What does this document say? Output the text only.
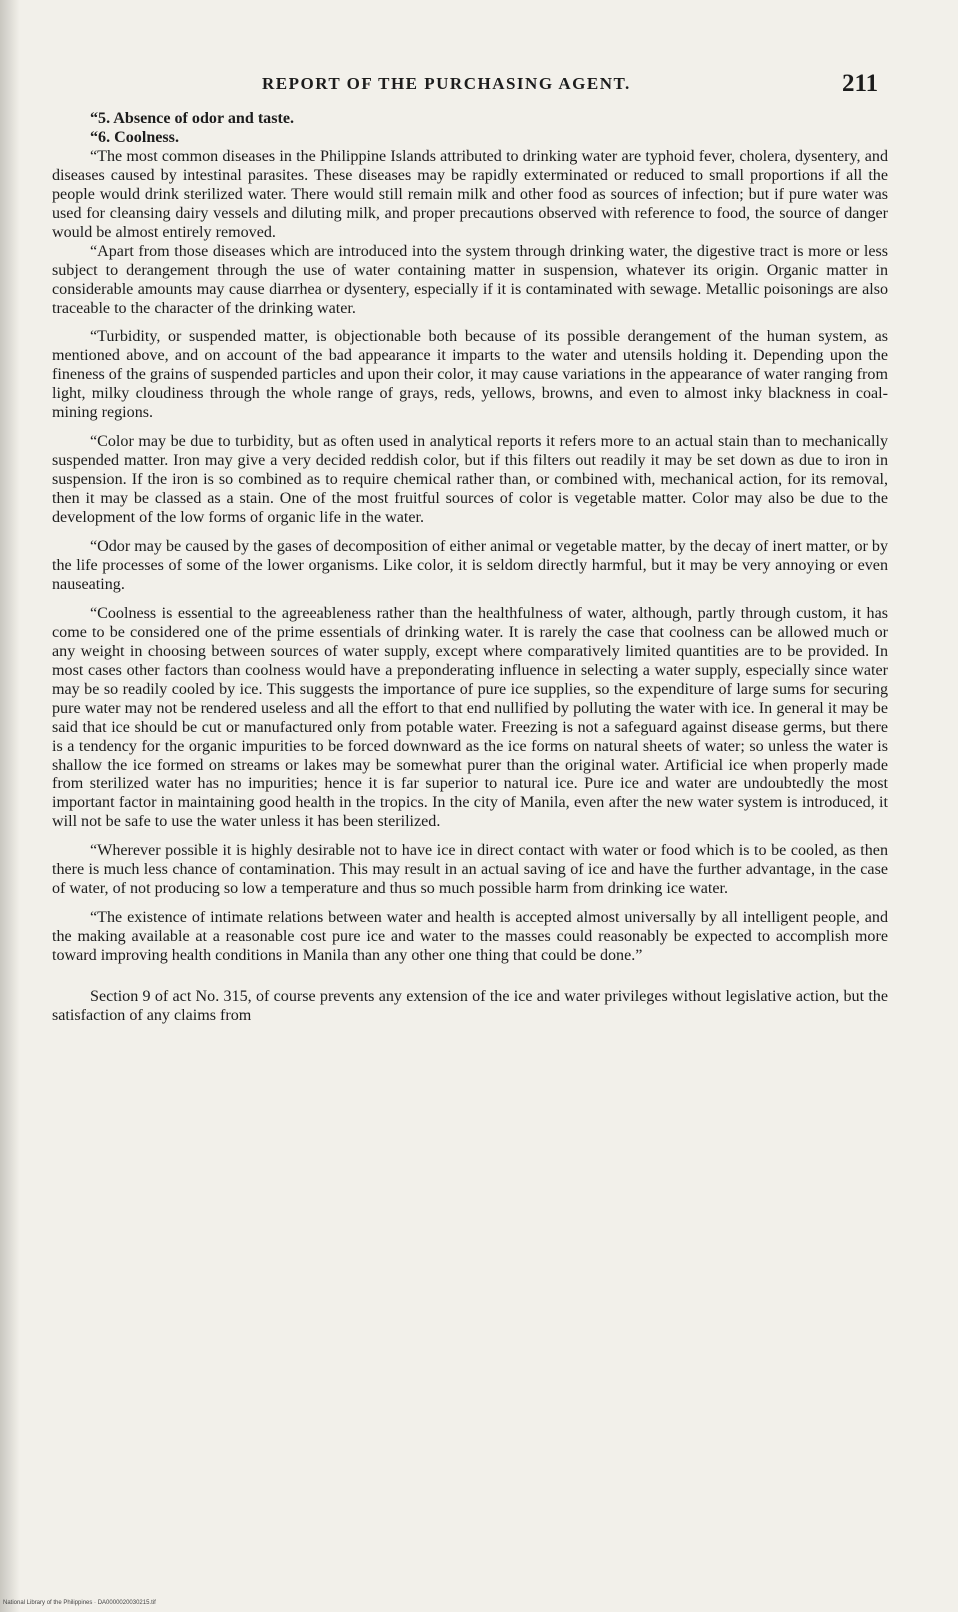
REPORT OF THE PURCHASING AGENT.	211

“5. Absence of odor and taste.

“6. Coolness.

“The most common diseases in the Philippine Islands attributed to drinking water are typhoid fever, cholera, dysentery, and diseases caused by intestinal parasites. These diseases may be rapidly exterminated or reduced to small proportions if all the people would drink sterilized water. There would still remain milk and other food as sources of infection; but if pure water was used for cleansing dairy vessels and diluting milk, and proper precautions observed with reference to food, the source of danger would be almost entirely removed.

“Apart from those diseases which are introduced into the system through drinking water, the digestive tract is more or less subject to derangement through the use of water containing matter in suspension, whatever its origin. Organic matter in considerable amounts may cause diarrhea or dysentery, especially if it is contaminated with sewage. Metallic poisonings are also traceable to the character of the drinking water.

“Turbidity, or suspended matter, is objectionable both because of its possible derangement of the human system, as mentioned above, and on account of the bad appearance it imparts to the water and utensils holding it. Depending upon the fineness of the grains of suspended particles and upon their color, it may cause variations in the appearance of water ranging from light, milky cloudiness through the whole range of grays, reds, yellows, browns, and even to almost inky blackness in coal-mining regions.

“Color may be due to turbidity, but as often used in analytical reports it refers more to an actual stain than to mechanically suspended matter. Iron may give a very decided reddish color, but if this filters out readily it may be set down as due to iron in suspension. If the iron is so combined as to require chemical rather than, or combined with, mechanical action, for its removal, then it may be classed as a stain. One of the most fruitful sources of color is vegetable matter. Color may also be due to the development of the low forms of organic life in the water.

“Odor may be caused by the gases of decomposition of either animal or vegetable matter, by the decay of inert matter, or by the life processes of some of the lower organisms. Like color, it is seldom directly harmful, but it may be very annoying or even nauseating.

“Coolness is essential to the agreeableness rather than the healthfulness of water, although, partly through custom, it has come to be considered one of the prime essentials of drinking water. It is rarely the case that coolness can be allowed much or any weight in choosing between sources of water supply, except where comparatively limited quantities are to be provided. In most cases other factors than coolness would have a preponderating influence in selecting a water supply, especially since water may be so readily cooled by ice. This suggests the importance of pure ice supplies, so the expenditure of large sums for securing pure water may not be rendered useless and all the effort to that end nullified by polluting the water with ice. In general it may be said that ice should be cut or manufactured only from potable water. Freezing is not a safeguard against disease germs, but there is a tendency for the organic impurities to be forced downward as the ice forms on natural sheets of water; so unless the water is shallow the ice formed on streams or lakes may be somewhat purer than the original water. Artificial ice when properly made from sterilized water has no impurities; hence it is far superior to natural ice. Pure ice and water are undoubtedly the most important factor in maintaining good health in the tropics. In the city of Manila, even after the new water system is introduced, it will not be safe to use the water unless it has been sterilized.

“Wherever possible it is highly desirable not to have ice in direct contact with water or food which is to be cooled, as then there is much less chance of contamination. This may result in an actual saving of ice and have the further advantage, in the case of water, of not producing so low a temperature and thus so much possible harm from drinking ice water.

“The existence of intimate relations between water and health is accepted almost universally by all intelligent people, and the making available at a reasonable cost pure ice and water to the masses could reasonably be expected to accomplish more toward improving health conditions in Manila than any other one thing that could be done.”

Section 9 of act No. 315, of course prevents any extension of the ice and water privileges without legislative action, but the satisfaction of any claims from

National Library of the Philippines · DA0000020030215.tif
